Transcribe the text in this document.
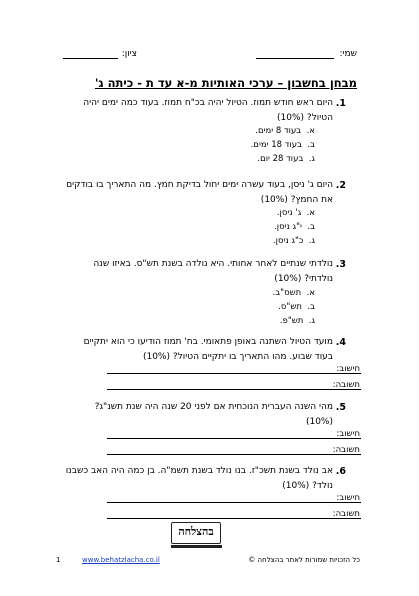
שמי:
ציון:
מבחן בחשבון – ערכי האותיות מ-א עד ת - כיתה ג'
1.
היום ראש חודש תמוז. הטיול יהיה בכ"ח תמוז. בעוד כמה ימים יהיה
הטיול? (10%)
א.  בעוד 8 ימים.
ב.  בעוד 18 ימים.
ג.  בעוד 28 יום.
2.
היום ג' ניסן, בעוד עשרה ימים יחול בדיקת חמץ. מה התאריך בו בודקים
את החמץ? (10%)
א.  ג' ניסן.
ב.  י"ג ניסן.
ג.  כ"ג ניסן.
3.
נולדתי שנתיים לאחר אחותי. היא נולדה בשנת תש"ס. באיזו שנה
נולדתי? (10%)
א.  תשס"ב.
ב.  תש"ס.
ג.  תש"פ.
4.
מועד הטיול השתנה באופן פתאומי. בח' תמוז הודיעו כי הוא יתקיים
בעוד שבוע. מהו התאריך בו יתקיים הטיול? (10%)
חישוב:
תשובה:
5.
מהי השנה העברית הנוכחית אם לפני 20 שנה היה שנת תשנ"ג?
(10%)
חישוב:
תשובה:
6.
אב נולד בשנת תשכ"ז. בנו נולד בשנת תשמ"ה. בן כמה היה האב כשבנו
נולד? (10%)
חישוב:
תשובה:
בהצלחה
1	www.behatzlacha.co.il	כל הזכויות שמורות לאתר בהצלחה ©
